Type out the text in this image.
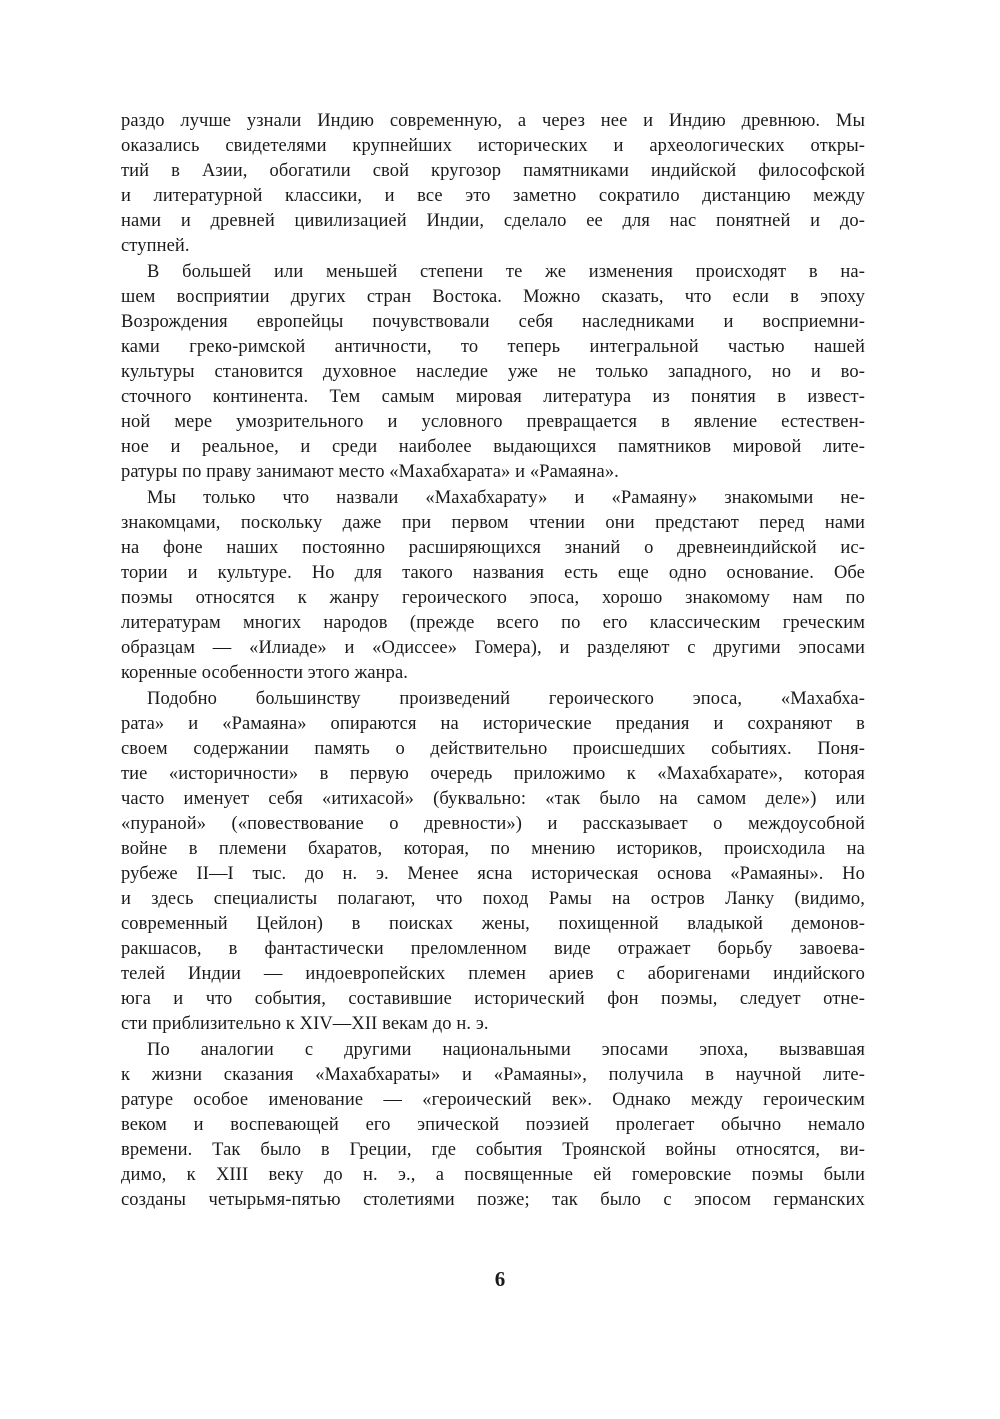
раздо лучше узнали Индию современную, а через нее и Индию древнюю. Мы
оказались свидетелями крупнейших исторических и археологических откры-
тий в Азии, обогатили свой кругозор памятниками индийской философской
и литературной классики, и все это заметно сократило дистанцию между
нами и древней цивилизацией Индии, сделало ее для нас понятней и до-
ступней.
В большей или меньшей степени те же изменения происходят в на-
шем восприятии других стран Востока. Можно сказать, что если в эпоху
Возрождения европейцы почувствовали себя наследниками и восприемни-
ками греко-римской античности, то теперь интегральной частью нашей
культуры становится духовное наследие уже не только западного, но и во-
сточного континента. Тем самым мировая литература из понятия в извест-
ной мере умозрительного и условного превращается в явление естествен-
ное и реальное, и среди наиболее выдающихся памятников мировой лите-
ратуры по праву занимают место «Махабхарата» и «Рамаяна».
Мы только что назвали «Махабхарату» и «Рамаяну» знакомыми не-
знакомцами, поскольку даже при первом чтении они предстают перед нами
на фоне наших постоянно расширяющихся знаний о древнеиндийской ис-
тории и культуре. Но для такого названия есть еще одно основание. Обе
поэмы относятся к жанру героического эпоса, хорошо знакомому нам по
литературам многих народов (прежде всего по его классическим греческим
образцам — «Илиаде» и «Одиссее» Гомера), и разделяют с другими эпосами
коренные особенности этого жанра.
Подобно большинству произведений героического эпоса, «Махабха-
рата» и «Рамаяна» опираются на исторические предания и сохраняют в
своем содержании память о действительно происшедших событиях. Поня-
тие «историчности» в первую очередь приложимо к «Махабхарате», которая
часто именует себя «итихасой» (буквально: «так было на самом деле») или
«пураной» («повествование о древности») и рассказывает о междоусобной
войне в племени бхаратов, которая, по мнению историков, происходила на
рубеже II—I тыс. до н. э. Менее ясна историческая основа «Рамаяны». Но
и здесь специалисты полагают, что поход Рамы на остров Ланку (видимо,
современный Цейлон) в поисках жены, похищенной владыкой демонов-
ракшасов, в фантастически преломленном виде отражает борьбу завоева-
телей Индии — индоевропейских племен ариев с аборигенами индийского
юга и что события, составившие исторический фон поэмы, следует отне-
сти приблизительно к XIV—XII векам до н. э.
По аналогии с другими национальными эпосами эпоха, вызвавшая
к жизни сказания «Махабхараты» и «Рамаяны», получила в научной лите-
ратуре особое именование — «героический век». Однако между героическим
веком и воспевающей его эпической поэзией пролегает обычно немало
времени. Так было в Греции, где события Троянской войны относятся, ви-
димо, к XIII веку до н. э., а посвященные ей гомеровские поэмы были
созданы четырьмя-пятью столетиями позже; так было с эпосом германских
6
